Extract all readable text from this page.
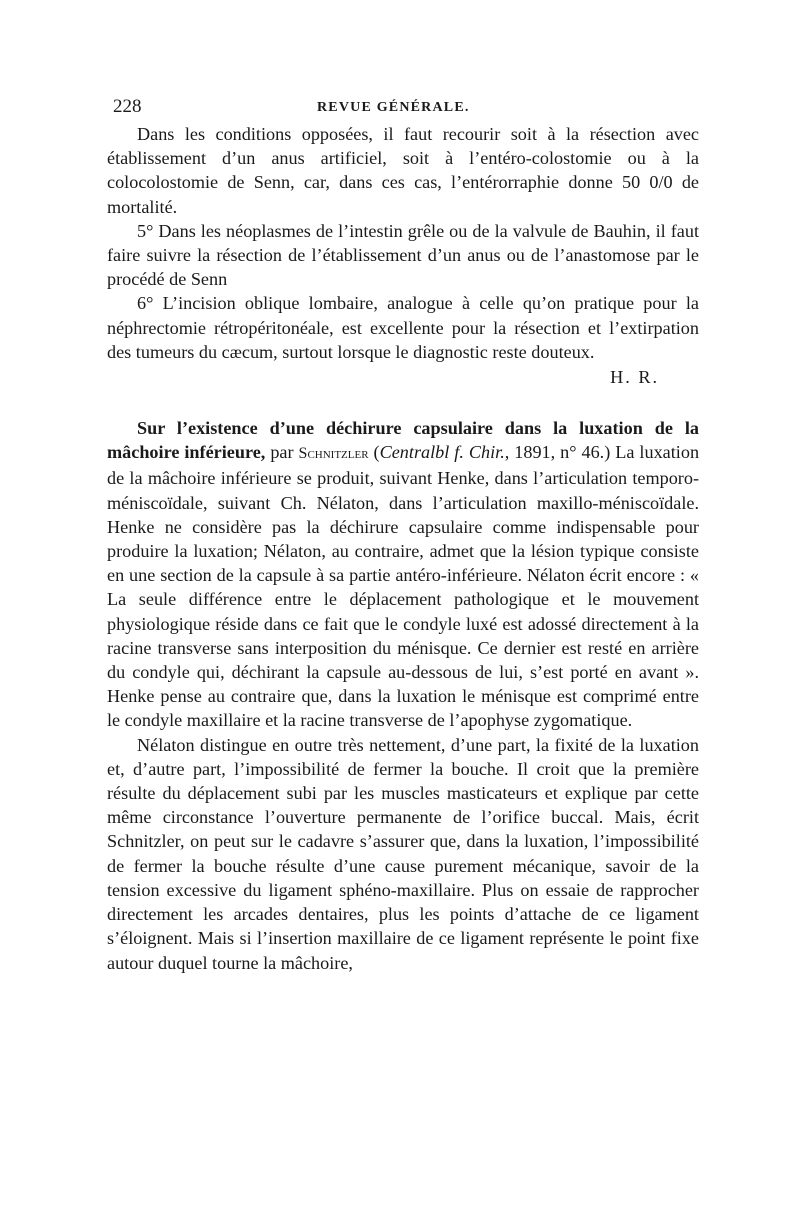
228	REVUE GÉNÉRALE.

Dans les conditions opposées, il faut recourir soit à la résection avec établissement d’un anus artificiel, soit à l’entéro-colostomie ou à la colocolostomie de Senn, car, dans ces cas, l’entérorraphie donne 50 0/0 de mortalité.

5° Dans les néoplasmes de l’intestin grêle ou de la valvule de Bauhin, il faut faire suivre la résection de l’établissement d’un anus ou de l’anastomose par le procédé de Senn

6° L’incision oblique lombaire, analogue à celle qu’on pratique pour la néphrectomie rétropéritonéale, est excellente pour la résection et l’extirpation des tumeurs du cæcum, surtout lorsque le diagnostic reste douteux.

H. R.

Sur l’existence d’une déchirure capsulaire dans la luxation de la mâchoire inférieure, par Schnitzler (Centralbl f. Chir., 1891, n° 46.) La luxation de la mâchoire inférieure se produit, suivant Henke, dans l’articulation temporo-méniscoïdale, suivant Ch. Nélaton, dans l’articulation maxillo-méniscoïdale. Henke ne considère pas la déchirure capsulaire comme indispensable pour produire la luxation; Nélaton, au contraire, admet que la lésion typique consiste en une section de la capsule à sa partie antéro-inférieure. Nélaton écrit encore : « La seule différence entre le déplacement pathologique et le mouvement physiologique réside dans ce fait que le condyle luxé est adossé directement à la racine transverse sans interposition du ménisque. Ce dernier est resté en arrière du condyle qui, déchirant la capsule au-dessous de lui, s’est porté en avant ». Henke pense au contraire que, dans la luxation le ménisque est comprimé entre le condyle maxillaire et la racine transverse de l’apophyse zygomatique.

Nélaton distingue en outre très nettement, d’une part, la fixité de la luxation et, d’autre part, l’impossibilité de fermer la bouche. Il croit que la première résulte du déplacement subi par les muscles masticateurs et explique par cette même circonstance l’ouverture permanente de l’orifice buccal. Mais, écrit Schnitzler, on peut sur le cadavre s’assurer que, dans la luxation, l’impossibilité de fermer la bouche résulte d’une cause purement mécanique, savoir de la tension excessive du ligament sphéno-maxillaire. Plus on essaie de rapprocher directement les arcades dentaires, plus les points d’attache de ce ligament s’éloignent. Mais si l’insertion maxillaire de ce ligament représente le point fixe autour duquel tourne la mâchoire,
